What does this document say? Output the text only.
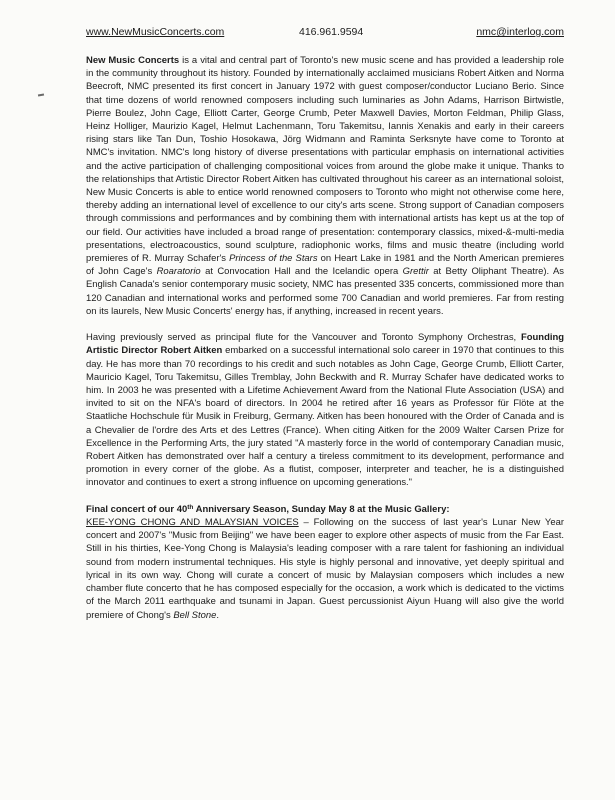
www.NewMusicConcerts.com	416.961.9594	nmc@interlog.com

New Music Concerts is a vital and central part of Toronto's new music scene and has provided a leadership role in the community throughout its history. Founded by internationally acclaimed musicians Robert Aitken and Norma Beecroft, NMC presented its first concert in January 1972 with guest composer/conductor Luciano Berio. Since that time dozens of world renowned composers including such luminaries as John Adams, Harrison Birtwistle, Pierre Boulez, John Cage, Elliott Carter, George Crumb, Peter Maxwell Davies, Morton Feldman, Philip Glass, Heinz Holliger, Maurizio Kagel, Helmut Lachenmann, Toru Takemitsu, Iannis Xenakis and early in their careers rising stars like Tan Dun, Toshio Hosokawa, Jörg Widmann and Raminta Serksnyte have come to Toronto at NMC's invitation. NMC's long history of diverse presentations with particular emphasis on international activities and the active participation of challenging compositional voices from around the globe make it unique. Thanks to the relationships that Artistic Director Robert Aitken has cultivated throughout his career as an international soloist, New Music Concerts is able to entice world renowned composers to Toronto who might not otherwise come here, thereby adding an international level of excellence to our city's arts scene. Strong support of Canadian composers through commissions and performances and by combining them with international artists has kept us at the top of our field. Our activities have included a broad range of presentation: contemporary classics, mixed-&-multi-media presentations, electroacoustics, sound sculpture, radiophonic works, films and music theatre (including world premieres of R. Murray Schafer's Princess of the Stars on Heart Lake in 1981 and the North American premieres of John Cage's Roaratorio at Convocation Hall and the Icelandic opera Grettir at Betty Oliphant Theatre). As English Canada's senior contemporary music society, NMC has presented 335 concerts, commissioned more than 120 Canadian and international works and performed some 700 Canadian and world premieres. Far from resting on its laurels, New Music Concerts' energy has, if anything, increased in recent years.

Having previously served as principal flute for the Vancouver and Toronto Symphony Orchestras, Founding Artistic Director Robert Aitken embarked on a successful international solo career in 1970 that continues to this day. He has more than 70 recordings to his credit and such notables as John Cage, George Crumb, Elliott Carter, Mauricio Kagel, Toru Takemitsu, Gilles Tremblay, John Beckwith and R. Murray Schafer have dedicated works to him. In 2003 he was presented with a Lifetime Achievement Award from the National Flute Association (USA) and invited to sit on the NFA's board of directors. In 2004 he retired after 16 years as Professor für Flöte at the Staatliche Hochschule für Musik in Freiburg, Germany. Aitken has been honoured with the Order of Canada and is a Chevalier de l'ordre des Arts et des Lettres (France). When citing Aitken for the 2009 Walter Carsen Prize for Excellence in the Performing Arts, the jury stated "A masterly force in the world of contemporary Canadian music, Robert Aitken has demonstrated over half a century a tireless commitment to its development, performance and promotion in every corner of the globe. As a flutist, composer, interpreter and teacher, he is a distinguished innovator and continues to exert a strong influence on upcoming generations."

Final concert of our 40th Anniversary Season, Sunday May 8 at the Music Gallery:
KEE-YONG CHONG AND MALAYSIAN VOICES – Following on the success of last year's Lunar New Year concert and 2007's "Music from Beijing" we have been eager to explore other aspects of music from the Far East. Still in his thirties, Kee-Yong Chong is Malaysia's leading composer with a rare talent for fashioning an individual sound from modern instrumental techniques. His style is highly personal and innovative, yet deeply spiritual and lyrical in its own way. Chong will curate a concert of music by Malaysian composers which includes a new chamber flute concerto that he has composed especially for the occasion, a work which is dedicated to the victims of the March 2011 earthquake and tsunami in Japan. Guest percussionist Aiyun Huang will also give the world premiere of Chong's Bell Stone.
